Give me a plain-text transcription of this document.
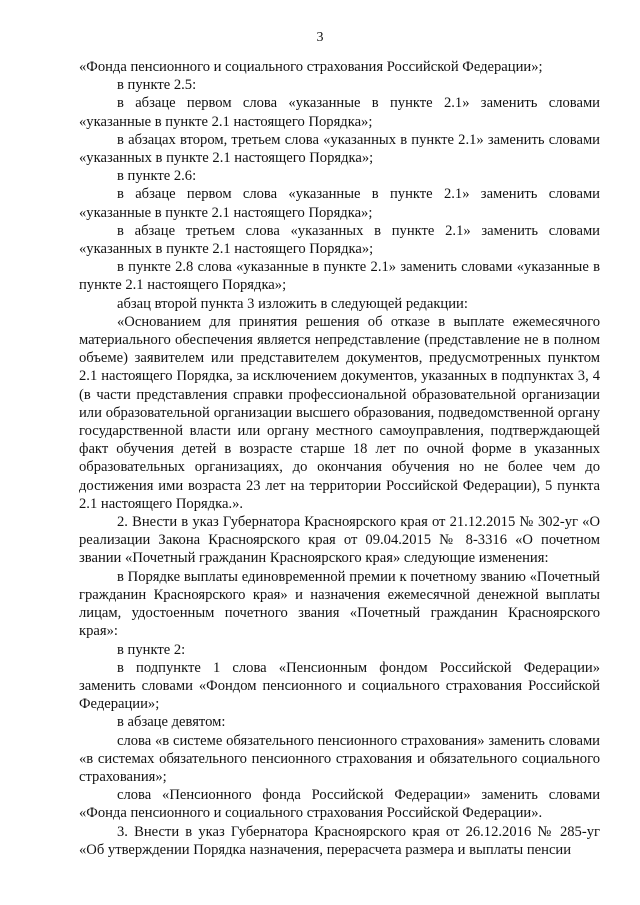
3

«Фонда пенсионного и социального страхования Российской Федерации»;

в пункте 2.5:

в абзаце первом слова «указанные в пункте 2.1» заменить словами «указанные в пункте 2.1 настоящего Порядка»;

в абзацах втором, третьем слова «указанных в пункте 2.1» заменить словами «указанных в пункте 2.1 настоящего Порядка»;

в пункте 2.6:

в абзаце первом слова «указанные в пункте 2.1» заменить словами «указанные в пункте 2.1 настоящего Порядка»;

в абзаце третьем слова «указанных в пункте 2.1» заменить словами «указанных в пункте 2.1 настоящего Порядка»;

в пункте 2.8 слова «указанные в пункте 2.1» заменить словами «указанные в пункте 2.1 настоящего Порядка»;

абзац второй пункта 3 изложить в следующей редакции:

«Основанием для принятия решения об отказе в выплате ежемесячного материального обеспечения является непредставление (представление не в полном объеме) заявителем или представителем документов, предусмотренных пунктом 2.1 настоящего Порядка, за исключением документов, указанных в подпунктах 3, 4 (в части представления справки профессиональной образовательной организации или образовательной организации высшего образования, подведомственной органу государственной власти или органу местного самоуправления, подтверждающей факт обучения детей в возрасте старше 18 лет по очной форме в указанных образовательных организациях, до окончания обучения но не более чем до достижения ими возраста 23 лет на территории Российской Федерации), 5 пункта 2.1 настоящего Порядка.».

2. Внести в указ Губернатора Красноярского края от 21.12.2015 № 302-уг «О реализации Закона Красноярского края от 09.04.2015 № 8-3316 «О почетном звании «Почетный гражданин Красноярского края» следующие изменения:

в Порядке выплаты единовременной премии к почетному званию «Почетный гражданин Красноярского края» и назначения ежемесячной денежной выплаты лицам, удостоенным почетного звания «Почетный гражданин Красноярского края»:

в пункте 2:

в подпункте 1 слова «Пенсионным фондом Российской Федерации» заменить словами «Фондом пенсионного и социального страхования Российской Федерации»;

в абзаце девятом:

слова «в системе обязательного пенсионного страхования» заменить словами «в системах обязательного пенсионного страхования и обязательного социального страхования»;

слова «Пенсионного фонда Российской Федерации» заменить словами «Фонда пенсионного и социального страхования Российской Федерации».

3. Внести в указ Губернатора Красноярского края от 26.12.2016 № 285-уг «Об утверждении Порядка назначения, перерасчета размера и выплаты пенсии
